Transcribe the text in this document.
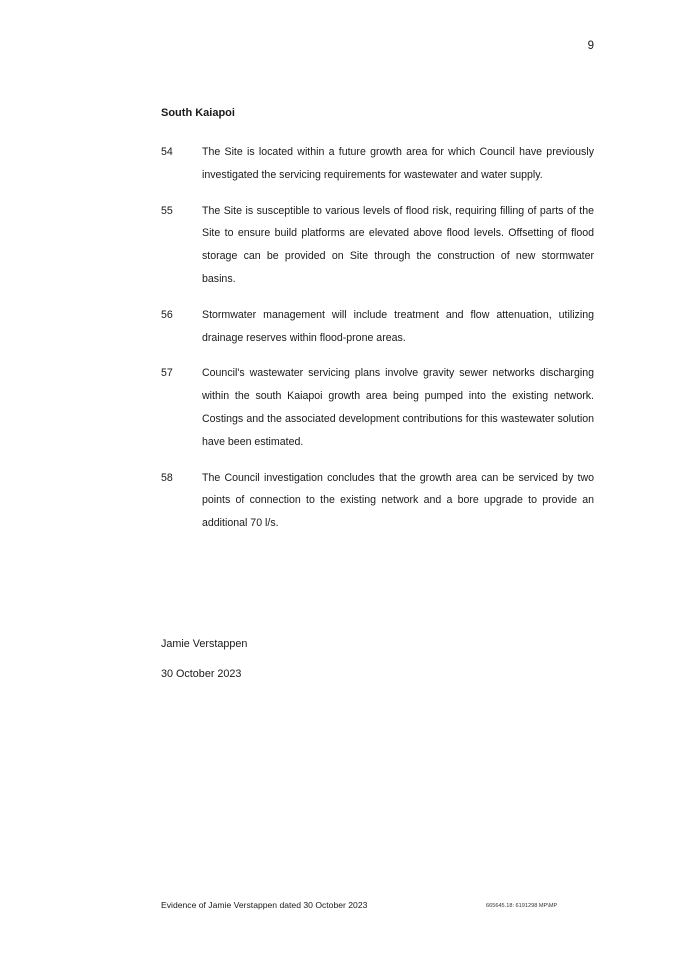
9
South Kaiapoi
54	The Site is located within a future growth area for which Council have previously investigated the servicing requirements for wastewater and water supply.
55	The Site is susceptible to various levels of flood risk, requiring filling of parts of the Site to ensure build platforms are elevated above flood levels. Offsetting of flood storage can be provided on Site through the construction of new stormwater basins.
56	Stormwater management will include treatment and flow attenuation, utilizing drainage reserves within flood-prone areas.
57	Council's wastewater servicing plans involve gravity sewer networks discharging within the south Kaiapoi growth area being pumped into the existing network. Costings and the associated development contributions for this wastewater solution have been estimated.
58	The Council investigation concludes that the growth area can be serviced by two points of connection to the existing network and a bore upgrade to provide an additional 70 l/s.
Jamie Verstappen
30 October 2023
Evidence of Jamie Verstappen dated 30 October 2023	665645.18: 6191298 MP\MP
